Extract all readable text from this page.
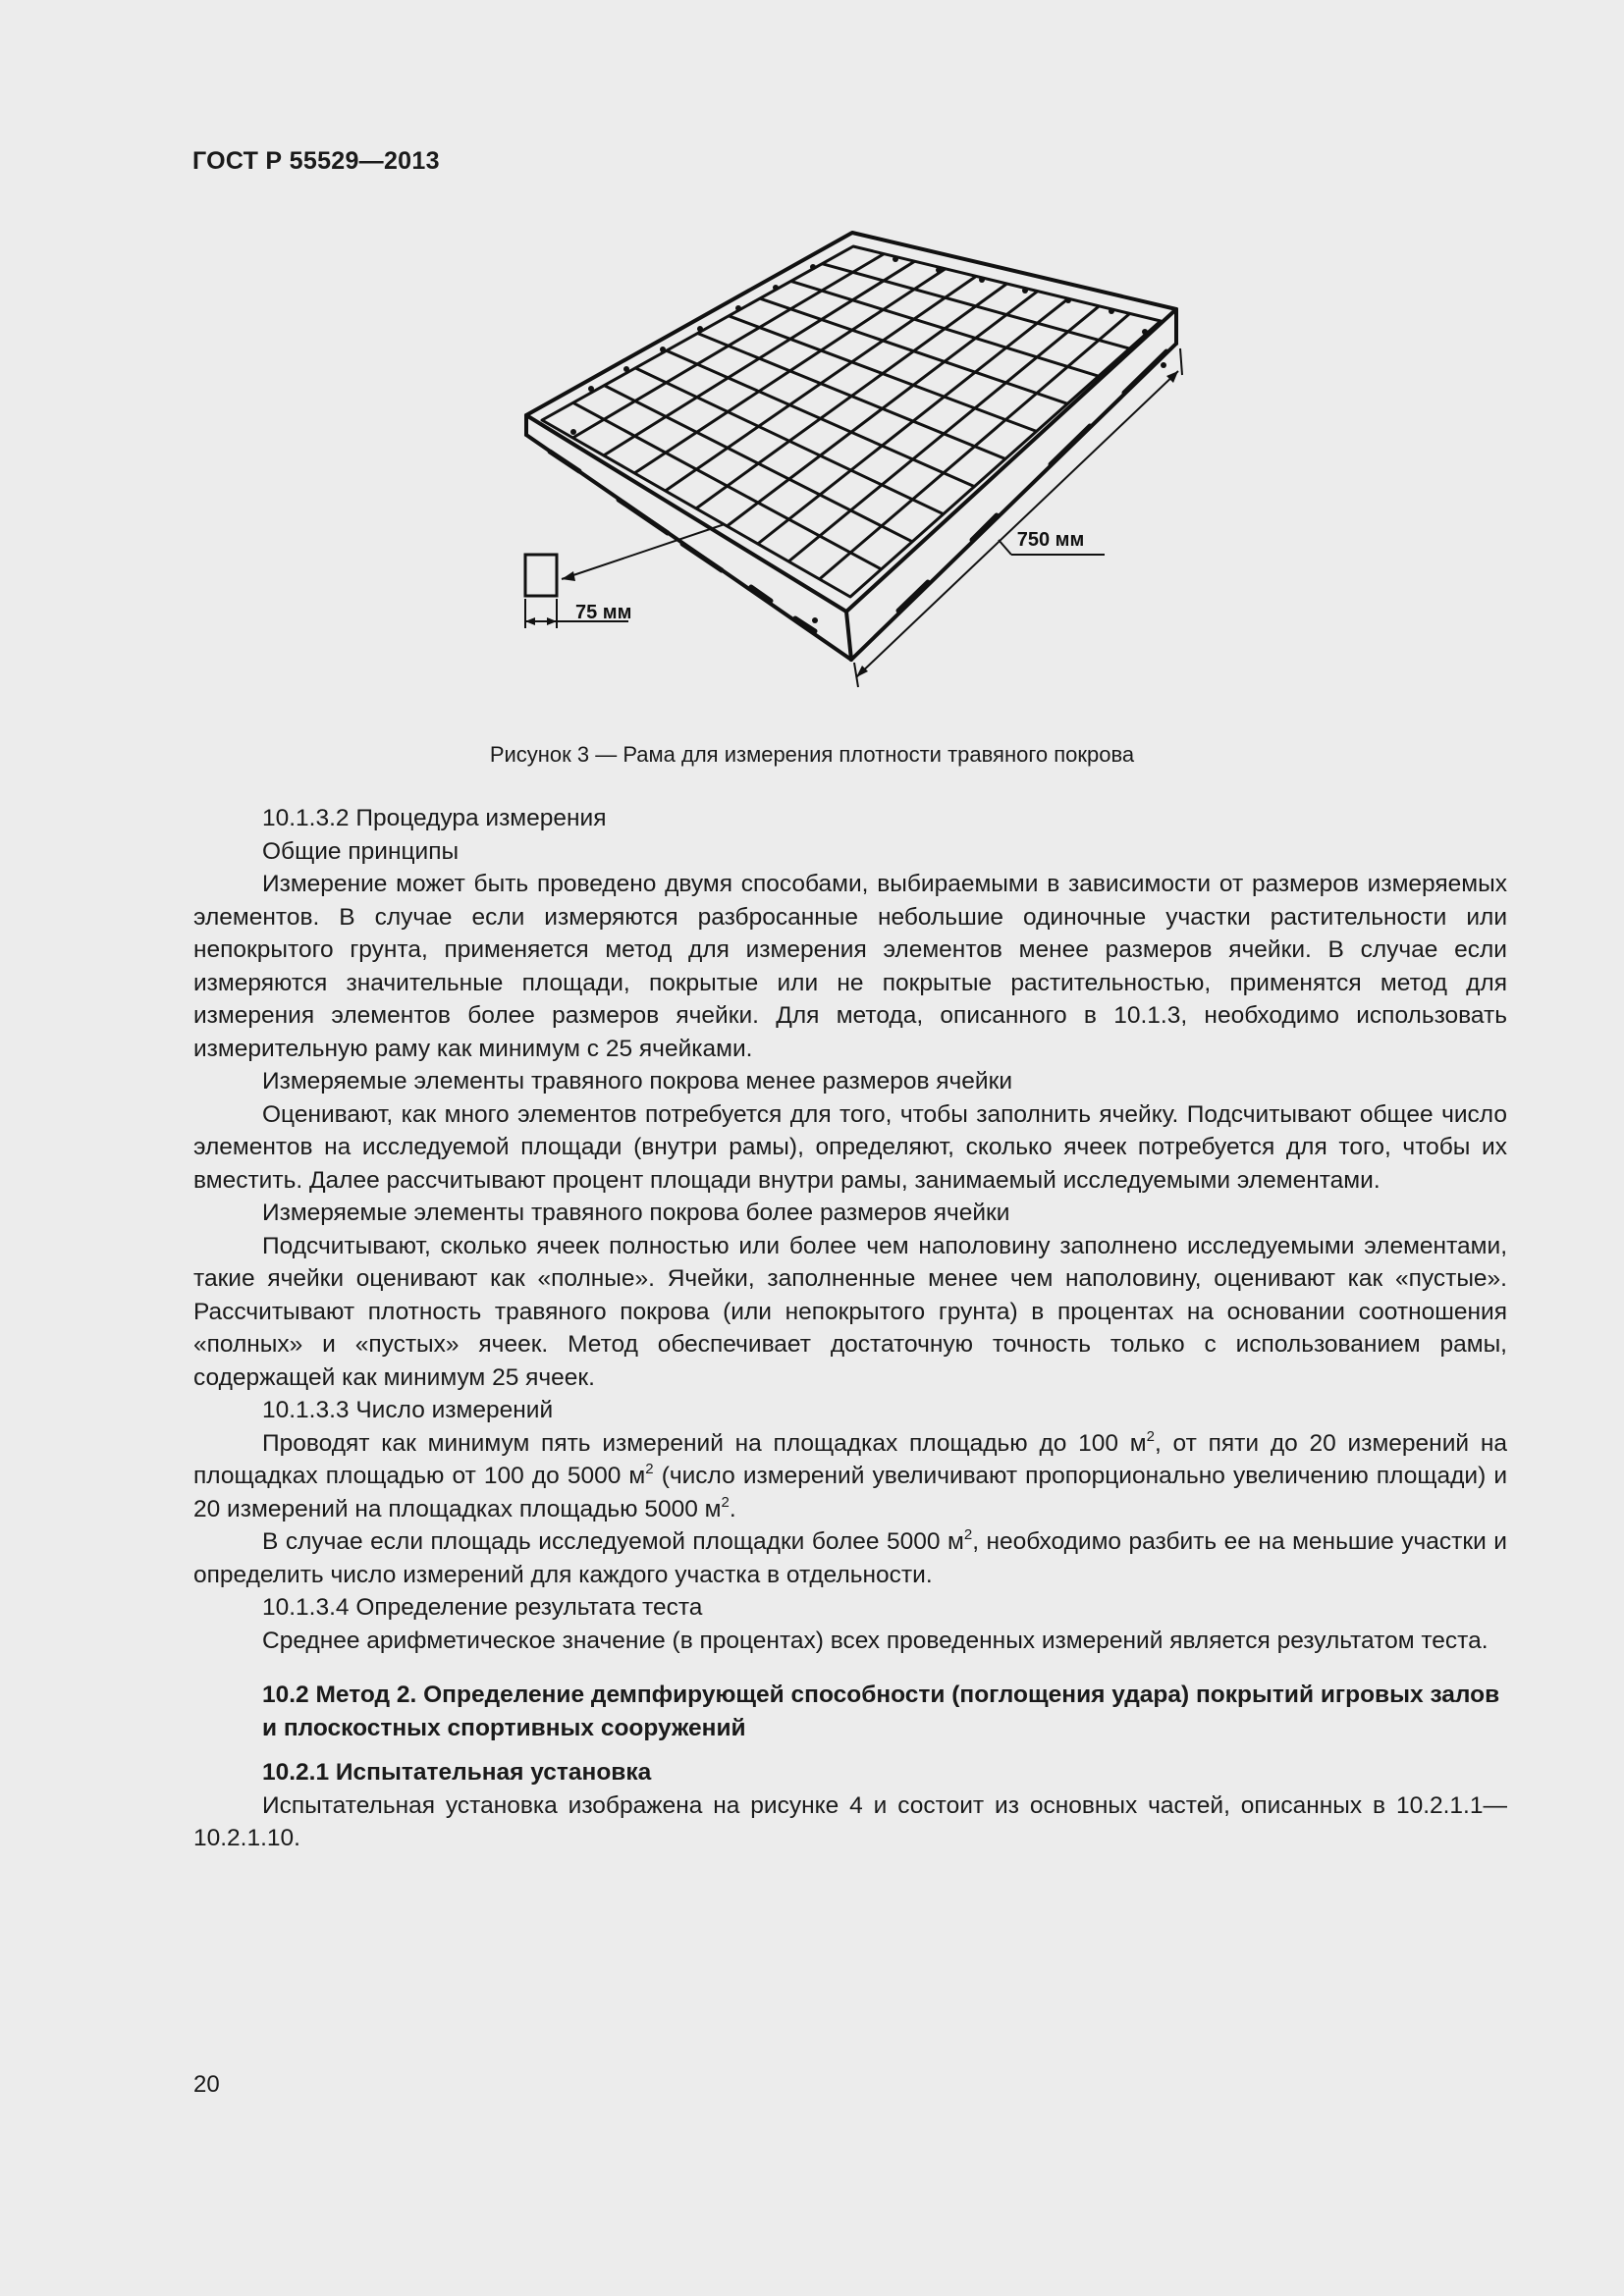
ГОСТ Р 55529—2013
750 мм
75 мм
Рисунок 3 — Рама для измерения плотности травяного покрова

10.1.3.2 Процедура измерения

Общие принципы

Измерение может быть проведено двумя способами, выбираемыми в зависимости от размеров измеряемых элементов. В случае если измеряются разбросанные небольшие одиночные участки растительности или непокрытого грунта, применяется метод для измерения элементов менее размеров ячейки. В случае если измеряются значительные площади, покрытые или не покрытые растительностью, применятся метод для измерения элементов более размеров ячейки. Для метода, описанного в 10.1.3, необходимо использовать измерительную раму как минимум с 25 ячейками.

Измеряемые элементы травяного покрова менее размеров ячейки

Оценивают, как много элементов потребуется для того, чтобы заполнить ячейку. Подсчитывают общее число элементов на исследуемой площади (внутри рамы), определяют, сколько ячеек потребуется для того, чтобы их вместить. Далее рассчитывают процент площади внутри рамы, занимаемый исследуемыми элементами.

Измеряемые элементы травяного покрова более размеров ячейки

Подсчитывают, сколько ячеек полностью или более чем наполовину заполнено исследуемыми элементами, такие ячейки оценивают как «полные». Ячейки, заполненные менее чем наполовину, оценивают как «пустые». Рассчитывают плотность травяного покрова (или непокрытого грунта) в процентах на основании соотношения «полных» и «пустых» ячеек. Метод обеспечивает достаточную точность только с использованием рамы, содержащей как минимум 25 ячеек.

10.1.3.3 Число измерений

Проводят как минимум пять измерений на площадках площадью до 100 $м^2$, от пяти до 20 измерений на площадках площадью от 100 до 5000 $м^2$ (число измерений увеличивают пропорционально увеличению площади) и 20 измерений на площадках площадью 5000 $м^2$.

В случае если площадь исследуемой площадки более 5000 $м^2$, необходимо разбить ее на меньшие участки и определить число измерений для каждого участка в отдельности.

10.1.3.4 Определение результата теста

Среднее арифметическое значение (в процентах) всех проведенных измерений является результатом теста.

10.2 Метод 2. Определение демпфирующей способности (поглощения удара) покрытий игровых залов и плоскостных спортивных сооружений

10.2.1 Испытательная установка

Испытательная установка изображена на рисунке 4 и состоит из основных частей, описанных в 10.2.1.1—10.2.1.10.

20
